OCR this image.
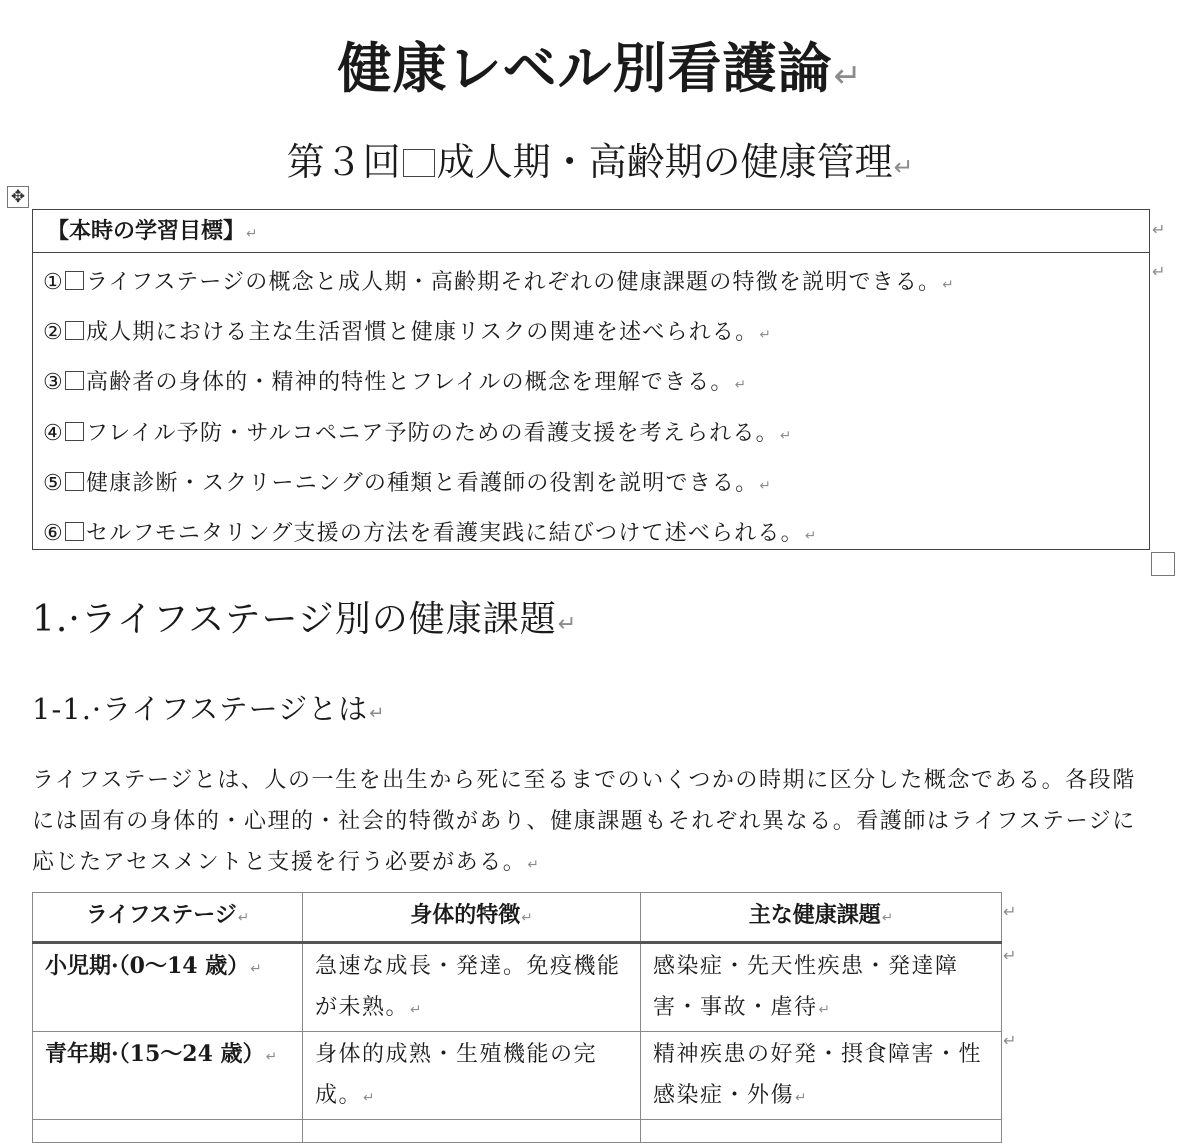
健康レベル別看護論↵
第３回 成人期・高齢期の健康管理↵
✥
【本時の学習目標】↵
① ライフステージの概念と成人期・高齢期それぞれの健康課題の特徴を説明できる。↵
② 成人期における主な生活習慣と健康リスクの関連を述べられる。↵
③ 高齢者の身体的・精神的特性とフレイルの概念を理解できる。↵
④ フレイル予防・サルコペニア予防のための看護支援を考えられる。↵
⑤ 健康診断・スクリーニングの種類と看護師の役割を説明できる。↵
⑥ セルフモニタリング支援の方法を看護実践に結びつけて述べられる。↵
↵
↵
1.·ライフステージ別の健康課題↵
1-1.·ライフステージとは↵

ライフステージとは、人の一生を出生から死に至るまでのいくつかの時期に区分した概念である。各段階には固有の身体的・心理的・社会的特徴があり、健康課題もそれぞれ異なる。看護師はライフステージに応じたアセスメントと支援を行う必要がある。↵

ライフステージ↵	身体的特徴↵	主な健康課題↵
小児期·（0〜14 歳）↵	急速な成長・発達。免疫機能が未熟。↵	感染症・先天性疾患・発達障害・事故・虐待↵
青年期·（15〜24 歳）↵	身体的成熟・生殖機能の完成。↵	精神疾患の好発・摂食障害・性感染症・外傷↵

↵
↵
↵
